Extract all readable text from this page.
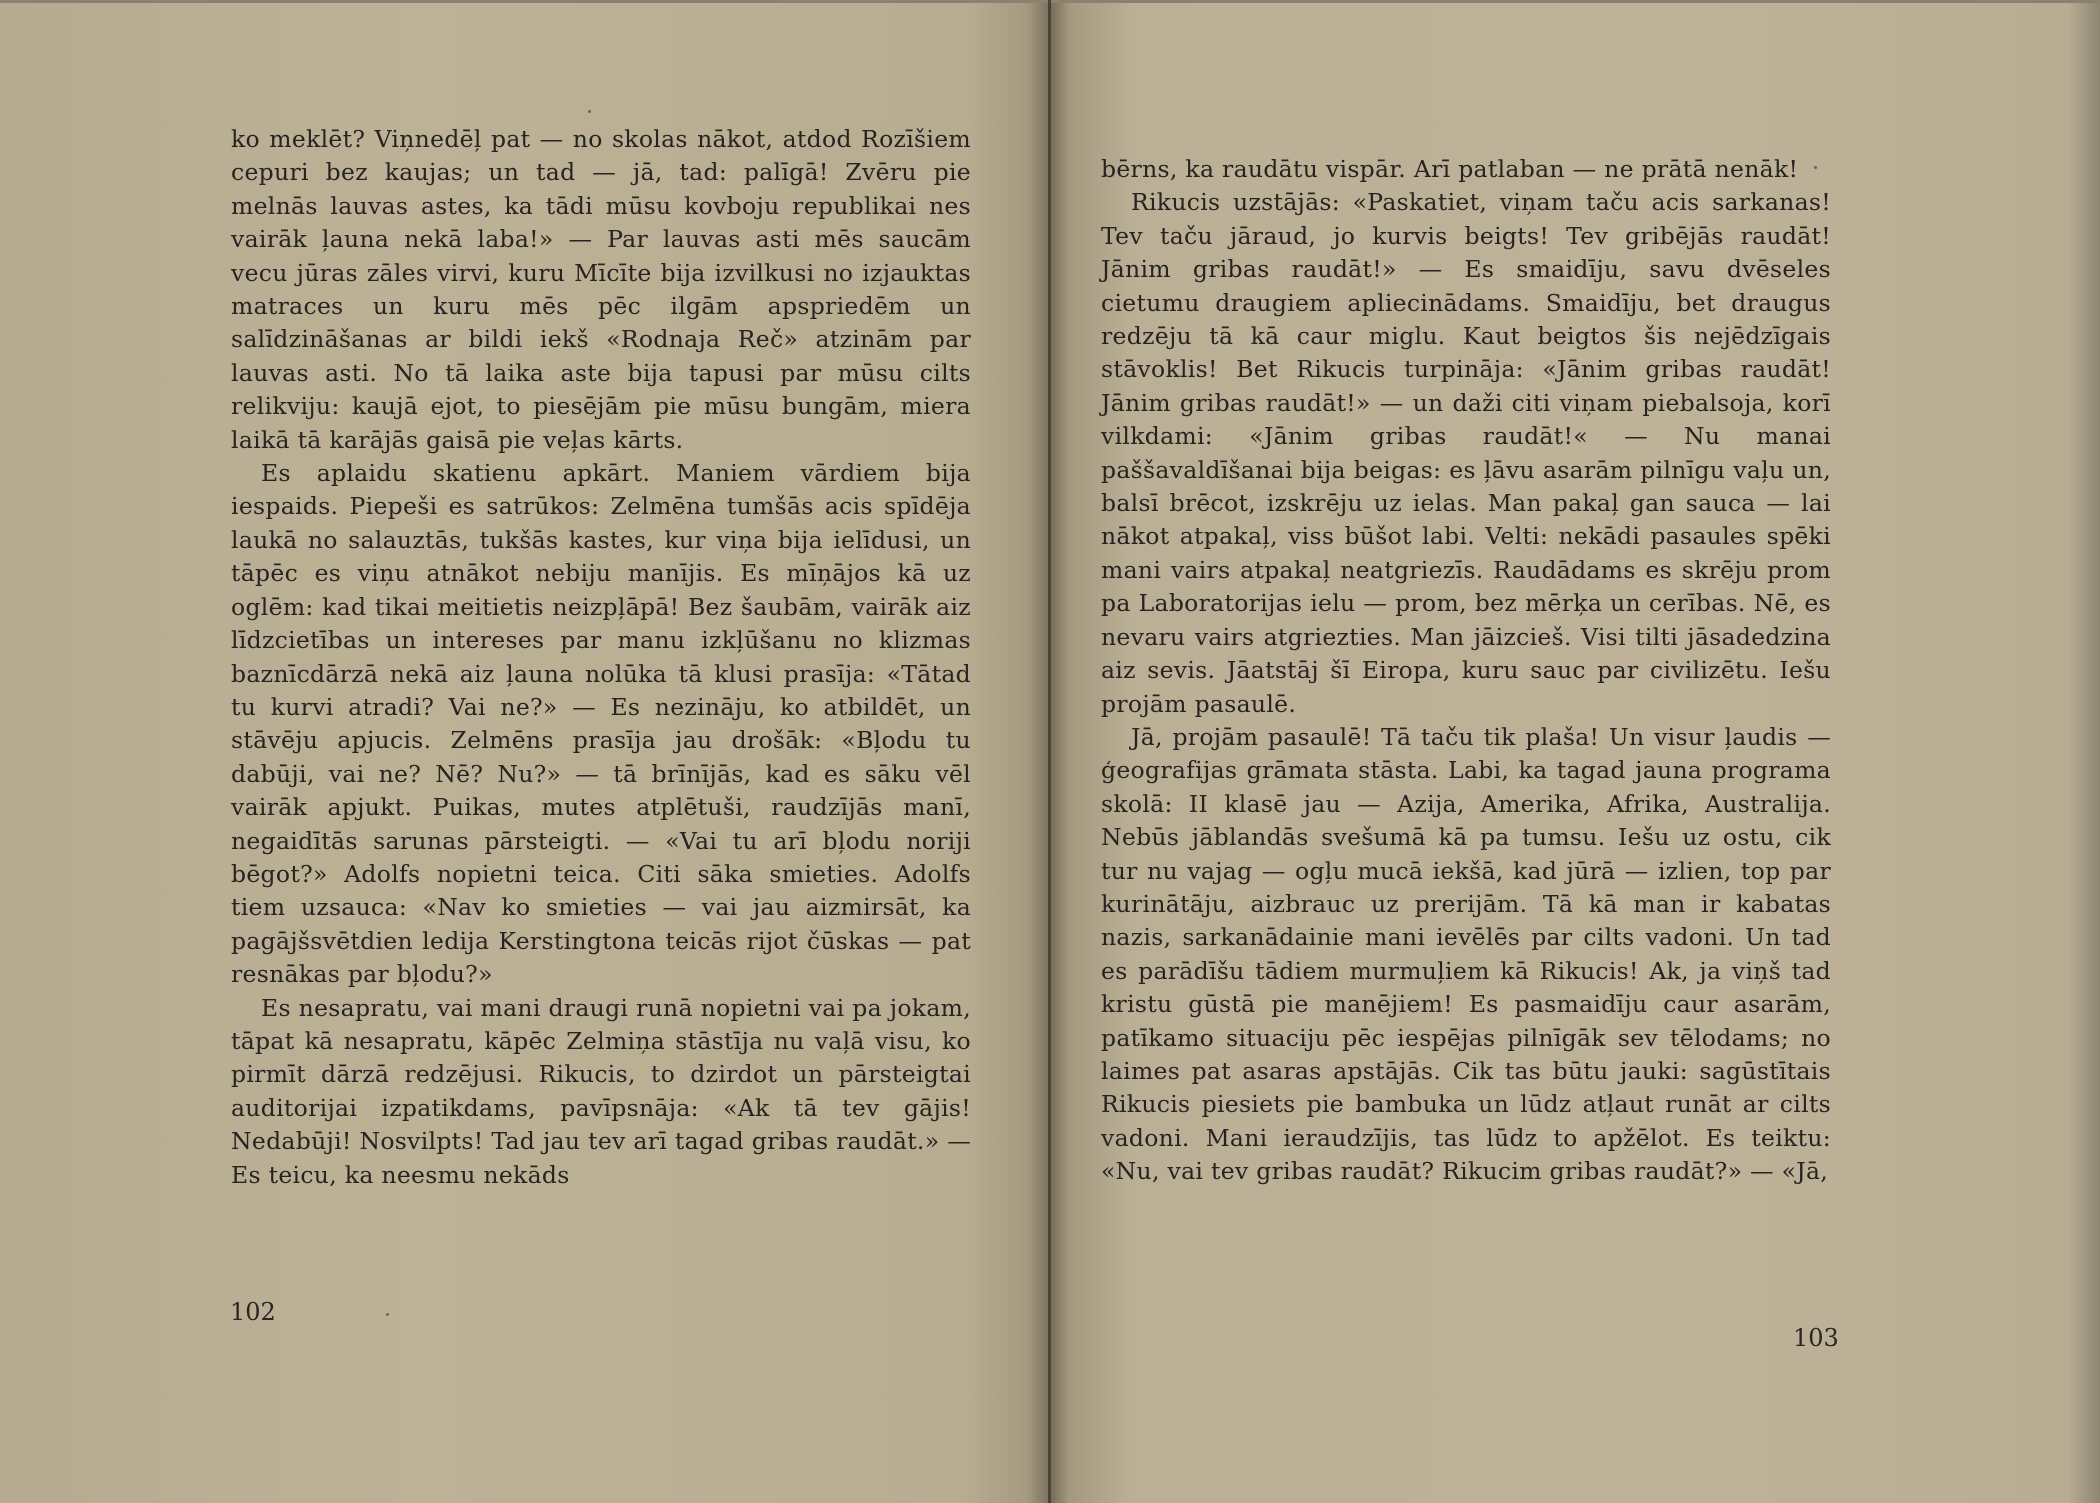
ko meklēt? Viņnedēļ pat — no skolas nākot, atdod Rozīšiem cepuri bez kaujas; un tad — jā, tad: palīgā! Zvēru pie melnās lauvas astes, ka tādi mūsu kovboju republikai nes vairāk ļauna nekā laba!» — Par lauvas asti mēs saucām vecu jūras zāles virvi, kuru Mīcīte bija izvilkusi no izjauktas matraces un kuru mēs pēc ilgām apspriedēm un salīdzināšanas ar bildi iekš «Rodnaja Reč» atzinām par lauvas asti. No tā laika aste bija tapusi par mūsu cilts relikviju: kaujā ejot, to piesējām pie mūsu bungām, miera laikā tā karājās gaisā pie veļas kārts.

Es aplaidu skatienu apkārt. Maniem vārdiem bija iespaids. Piepeši es satrūkos: Zelmēna tumšās acis spīdēja laukā no salauztās, tukšās kastes, kur viņa bija ielīdusi, un tāpēc es viņu atnākot nebiju manījis. Es mīņājos kā uz oglēm: kad tikai meitietis neizpļāpā! Bez šaubām, vairāk aiz līdzcietības un intereses par manu izkļūšanu no klizmas baznīcdārzā nekā aiz ļauna nolūka tā klusi prasīja: «Tātad tu kurvi atradi? Vai ne?» — Es nezināju, ko atbildēt, un stāvēju apjucis. Zelmēns prasīja jau drošāk: «Bļodu tu dabūji, vai ne? Nē? Nu?» — tā brīnījās, kad es sāku vēl vairāk apjukt. Puikas, mutes atplētuši, raudzījās manī, negaidītās sarunas pārsteigti. — «Vai tu arī bļodu noriji bēgot?» Adolfs nopietni teica. Citi sāka smieties. Adolfs tiem uzsauca: «Nav ko smieties — vai jau aizmirsāt, ka pagājšsvētdien ledija Kerstingtona teicās rijot čūskas — pat resnākas par bļodu?»

Es nesapratu, vai mani draugi runā nopietni vai pa jokam, tāpat kā nesapratu, kāpēc Zelmiņa stāstīja nu vaļā visu, ko pirmīt dārzā redzējusi. Rikucis, to dzirdot un pārsteigtai auditorijai izpatikdams, pavīpsnāja: «Ak tā tev gājis! Nedabūji! Nosvilpts! Tad jau tev arī tagad gribas raudāt.» — Es teicu, ka neesmu nekāds

102

bērns, ka raudātu vispār. Arī patlaban — ne prātā nenāk!

Rikucis uzstājās: «Paskatiet, viņam taču acis sarkanas! Tev taču jāraud, jo kurvis beigts! Tev gribējās raudāt! Jānim gribas raudāt!» — Es smaidīju, savu dvēseles cietumu draugiem apliecinādams. Smaidīju, bet draugus redzēju tā kā caur miglu. Kaut beigtos šis nejēdzīgais stāvoklis! Bet Rikucis turpināja: «Jānim gribas raudāt! Jānim gribas raudāt!» — un daži citi viņam piebalsoja, korī vilkdami: «Jānim gribas raudāt!« — Nu manai paššavaldīšanai bija beigas: es ļāvu asarām pilnīgu vaļu un, balsī brēcot, izskrēju uz ielas. Man pakaļ gan sauca — lai nākot atpakaļ, viss būšot labi. Velti: nekādi pasaules spēki mani vairs atpakaļ neatgriezīs. Raudādams es skrēju prom pa Laboratorijas ielu — prom, bez mērķa un cerības. Nē, es nevaru vairs atgriezties. Man jāizcieš. Visi tilti jāsadedzina aiz sevis. Jāatstāj šī Eiropa, kuru sauc par civilizētu. Iešu projām pasaulē.

Jā, projām pasaulē! Tā taču tik plaša! Un visur ļaudis — ģeografijas grāmata stāsta. Labi, ka tagad jauna programa skolā: II klasē jau — Azija, Amerika, Afrika, Australija. Nebūs jāblandās svešumā kā pa tumsu. Iešu uz ostu, cik tur nu vajag — ogļu mucā iekšā, kad jūrā — izlien, top par kurinātāju, aizbrauc uz prerijām. Tā kā man ir kabatas nazis, sarkanādainie mani ievēlēs par cilts vadoni. Un tad es parādīšu tādiem murmuļiem kā Rikucis! Ak, ja viņš tad kristu gūstā pie manējiem! Es pasmaidīju caur asarām, patīkamo situaciju pēc iespējas pilnīgāk sev tēlodams; no laimes pat asaras apstājās. Cik tas būtu jauki: sagūstītais Rikucis piesiets pie bambuka un lūdz atļaut runāt ar cilts vadoni. Mani ieraudzījis, tas lūdz to apžēlot. Es teiktu: «Nu, vai tev gribas raudāt? Rikucim gribas raudāt?» — «Jā,

103
